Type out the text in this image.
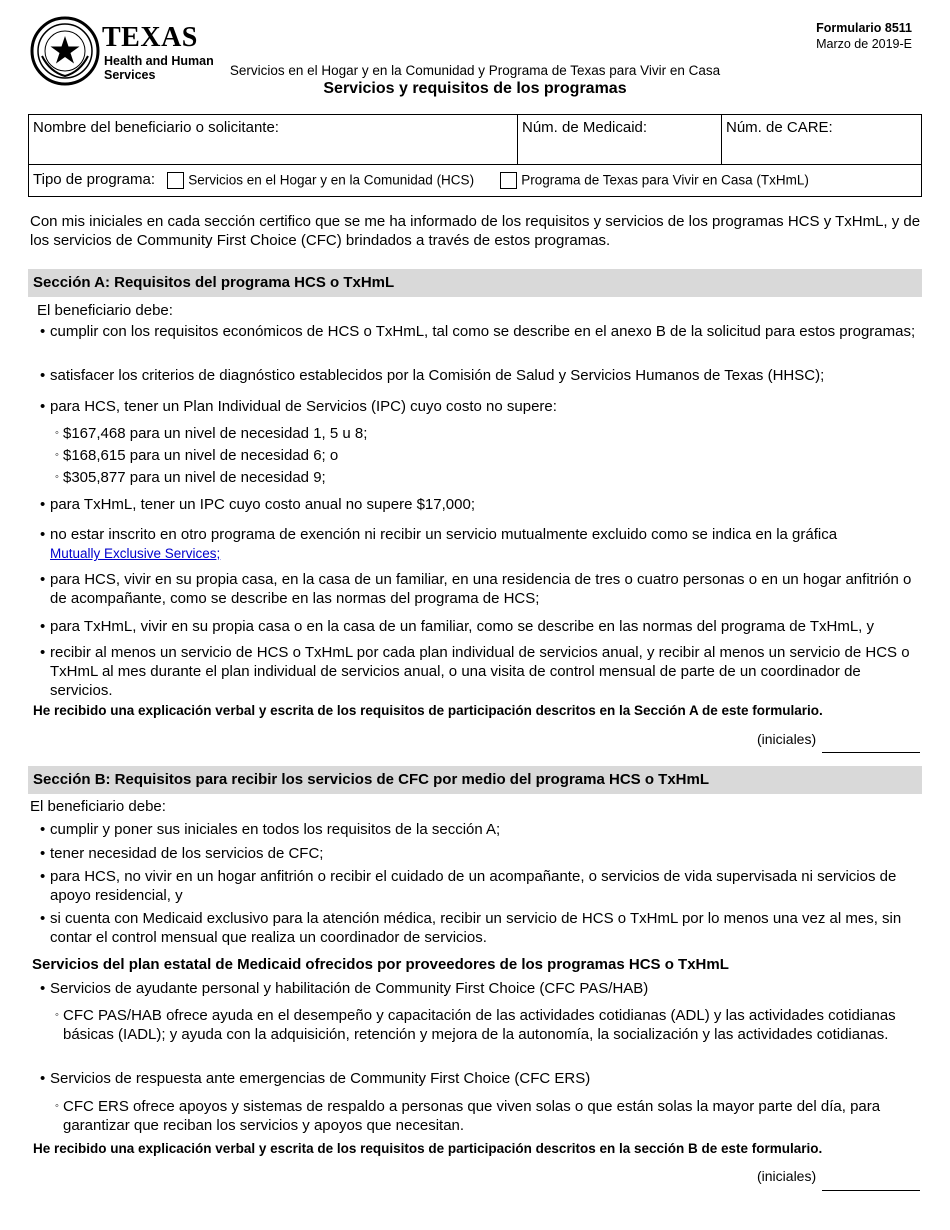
TEXAS
Health and Human Services
Formulario 8511
Marzo de 2019-E
Servicios en el Hogar y en la Comunidad y Programa de Texas para Vivir en Casa
Servicios y requisitos de los programas
Nombre del beneficiario o solicitante:	Núm. de Medicaid:	Núm. de CARE:
Tipo de programa: Servicios en el Hogar y en la Comunidad (HCS)	Programa de Texas para Vivir en Casa (TxHmL)
Con mis iniciales en cada sección certifico que se me ha informado de los requisitos y servicios de los programas HCS y TxHmL, y de los servicios de Community First Choice (CFC) brindados a través de estos programas.
Sección A: Requisitos del programa HCS o TxHmL
El beneficiario debe:
• cumplir con los requisitos económicos de HCS o TxHmL, tal como se describe en el anexo B de la solicitud para estos programas;
• satisfacer los criterios de diagnóstico establecidos por la Comisión de Salud y Servicios Humanos de Texas (HHSC);
• para HCS, tener un Plan Individual de Servicios (IPC) cuyo costo no supere:
◦ $167,468 para un nivel de necesidad 1, 5 u 8;
◦ $168,615 para un nivel de necesidad 6; o
◦ $305,877 para un nivel de necesidad 9;
• para TxHmL, tener un IPC cuyo costo anual no supere $17,000;
• no estar inscrito en otro programa de exención ni recibir un servicio mutualmente excluido como se indica en la gráfica
Mutually Exclusive Services;
• para HCS, vivir en su propia casa, en la casa de un familiar, en una residencia de tres o cuatro personas o en un hogar anfitrión o de acompañante, como se describe en las normas del programa de HCS;
• para TxHmL, vivir en su propia casa o en la casa de un familiar, como se describe en las normas del programa de TxHmL, y
• recibir al menos un servicio de HCS o TxHmL por cada plan individual de servicios anual, y recibir al menos un servicio de HCS o TxHmL al mes durante el plan individual de servicios anual, o una visita de control mensual de parte de un coordinador de servicios.
He recibido una explicación verbal y escrita de los requisitos de participación descritos en la Sección A de este formulario.
(iniciales)
Sección B: Requisitos para recibir los servicios de CFC por medio del programa HCS o TxHmL
El beneficiario debe:
• cumplir y poner sus iniciales en todos los requisitos de la sección A;
• tener necesidad de los servicios de CFC;
• para HCS, no vivir en un hogar anfitrión o recibir el cuidado de un acompañante, o servicios de vida supervisada ni servicios de apoyo residencial, y
• si cuenta con Medicaid exclusivo para la atención médica, recibir un servicio de HCS o TxHmL por lo menos una vez al mes, sin contar el control mensual que realiza un coordinador de servicios.
Servicios del plan estatal de Medicaid ofrecidos por proveedores de los programas HCS o TxHmL
• Servicios de ayudante personal y habilitación de Community First Choice (CFC PAS/HAB)
◦ CFC PAS/HAB ofrece ayuda en el desempeño y capacitación de las actividades cotidianas (ADL) y las actividades cotidianas básicas (IADL); y ayuda con la adquisición, retención y mejora de la autonomía, la socialización y las actividades cotidianas.
• Servicios de respuesta ante emergencias de Community First Choice (CFC ERS)
◦ CFC ERS ofrece apoyos y sistemas de respaldo a personas que viven solas o que están solas la mayor parte del día, para garantizar que reciban los servicios y apoyos que necesitan.
He recibido una explicación verbal y escrita de los requisitos de participación descritos en la sección B de este formulario.
(iniciales)
